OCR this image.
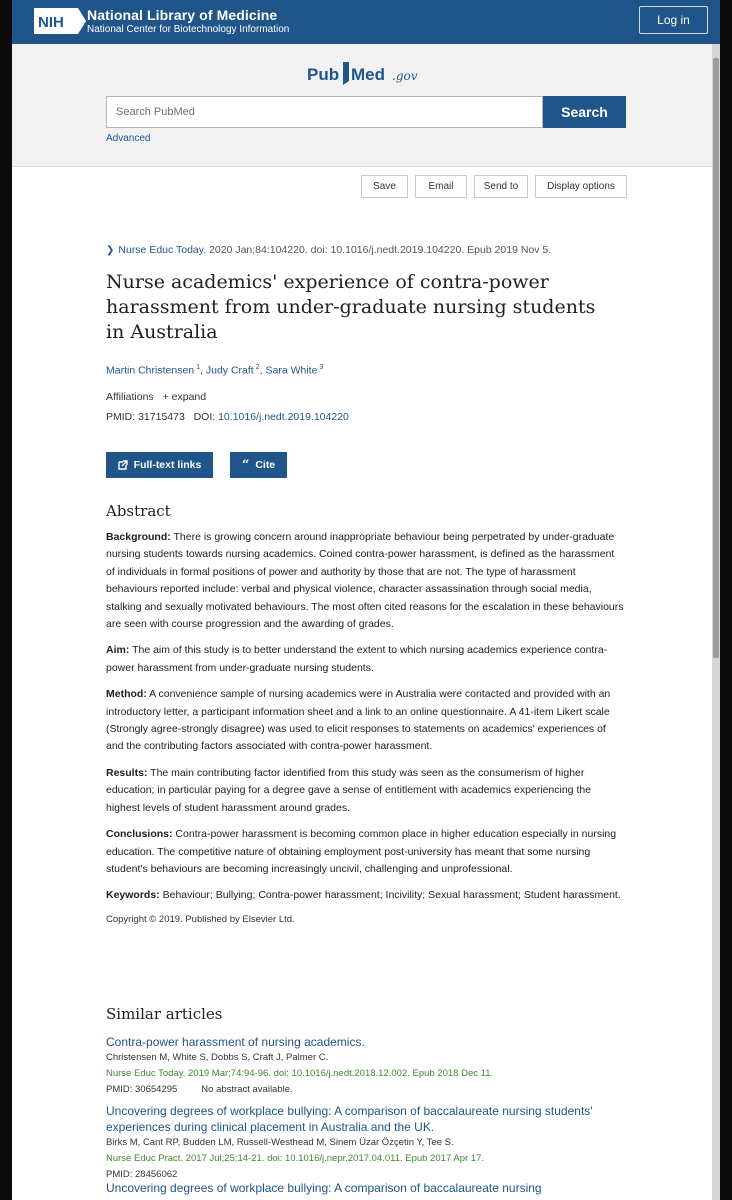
NIH National Library of Medicine
National Center for Biotechnology Information
Log in
Pub Med .gov
Search PubMed
Search
Advanced
Save	Email	Send to	Display options
❯ Nurse Educ Today. 2020 Jan;84:104220. doi: 10.1016/j.nedt.2019.104220. Epub 2019 Nov 5.
Nurse academics' experience of contra-power harassment from under-graduate nursing students in Australia
Martin Christensen $^1$, Judy Craft $^2$, Sara White $^3$
Affiliations + expand
PMID: 31715473 DOI: 10.1016/j.nedt.2019.104220
Full-text links	“ Cite
Abstract

Background: There is growing concern around inappropriate behaviour being perpetrated by under-graduate nursing students towards nursing academics. Coined contra-power harassment, is defined as the harassment of individuals in formal positions of power and authority by those that are not. The type of harassment behaviours reported include: verbal and physical violence, character assassination through social media, stalking and sexually motivated behaviours. The most often cited reasons for the escalation in these behaviours are seen with course progression and the awarding of grades.

Aim: The aim of this study is to better understand the extent to which nursing academics experience contra-power harassment from under-graduate nursing students.

Method: A convenience sample of nursing academics were in Australia were contacted and provided with an introductory letter, a participant information sheet and a link to an online questionnaire. A 41-item Likert scale (Strongly agree-strongly disagree) was used to elicit responses to statements on academics' experiences of and the contributing factors associated with contra-power harassment.

Results: The main contributing factor identified from this study was seen as the consumerism of higher education; in particular paying for a degree gave a sense of entitlement with academics experiencing the highest levels of student harassment around grades.

Conclusions: Contra-power harassment is becoming common place in higher education especially in nursing education. The competitive nature of obtaining employment post-university has meant that some nursing student's behaviours are becoming increasingly uncivil, challenging and unprofessional.

Keywords: Behaviour; Bullying; Contra-power harassment; Incivility; Sexual harassment; Student harassment.

Copyright © 2019. Published by Elsevier Ltd.
Similar articles
Contra-power harassment of nursing academics.
Christensen M, White S, Dobbs S, Craft J, Palmer C.
Nurse Educ Today. 2019 Mar;74:94-96. doi: 10.1016/j.nedt.2018.12.002. Epub 2018 Dec 11.
PMID: 30654295	No abstract available.
Uncovering degrees of workplace bullying: A comparison of baccalaureate nursing students' experiences during clinical placement in Australia and the UK.
Birks M, Cant RP, Budden LM, Russell-Westhead M, Sinem Üzar Özçetin Y, Tee S.
Nurse Educ Pract. 2017 Jul;25:14-21. doi: 10.1016/j.nepr.2017.04.011. Epub 2017 Apr 17.
PMID: 28456062
Uncovering degrees of workplace bullying: A comparison of baccalaureate nursing
